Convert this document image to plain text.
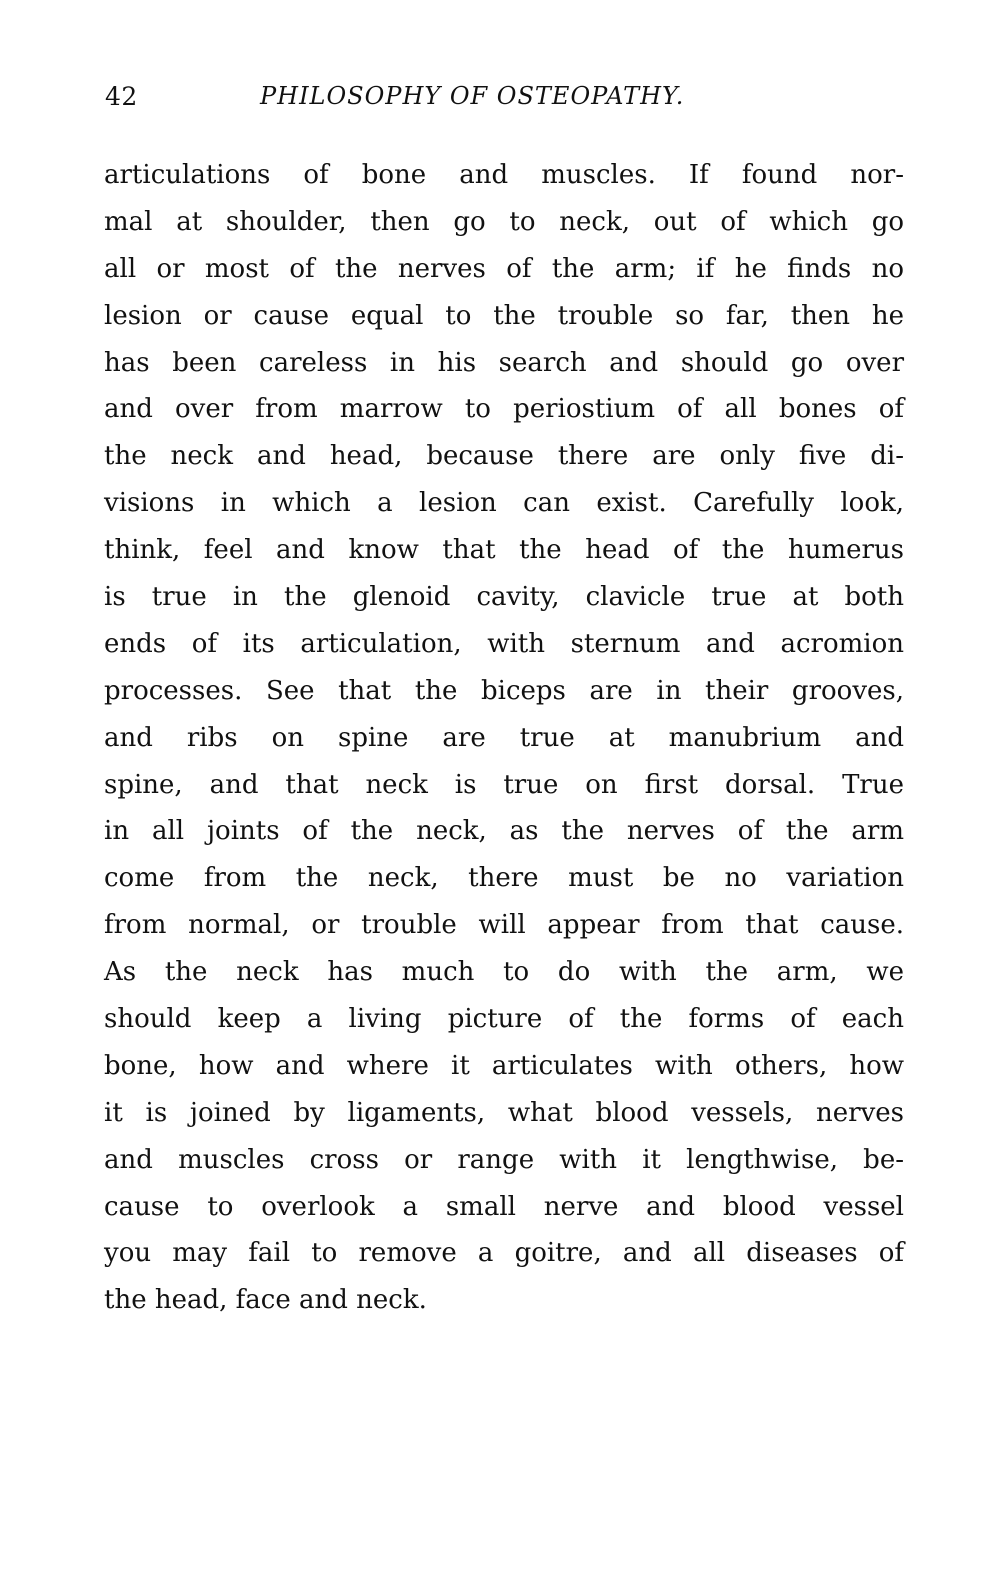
42	PHILOSOPHY OF OSTEOPATHY.
articulations of bone and muscles. If found nor-
mal at shoulder, then go to neck, out of which go
all or most of the nerves of the arm; if he finds no
lesion or cause equal to the trouble so far, then he
has been careless in his search and should go over
and over from marrow to periostium of all bones of
the neck and head, because there are only five di-
visions in which a lesion can exist. Carefully look,
think, feel and know that the head of the humerus
is true in the glenoid cavity, clavicle true at both
ends of its articulation, with sternum and acromion
processes. See that the biceps are in their grooves,
and ribs on spine are true at manubrium and
spine, and that neck is true on first dorsal. True
in all joints of the neck, as the nerves of the arm
come from the neck, there must be no variation
from normal, or trouble will appear from that cause.
As the neck has much to do with the arm, we
should keep a living picture of the forms of each
bone, how and where it articulates with others, how
it is joined by ligaments, what blood vessels, nerves
and muscles cross or range with it lengthwise, be-
cause to overlook a small nerve and blood vessel
you may fail to remove a goitre, and all diseases of
the head, face and neck.
